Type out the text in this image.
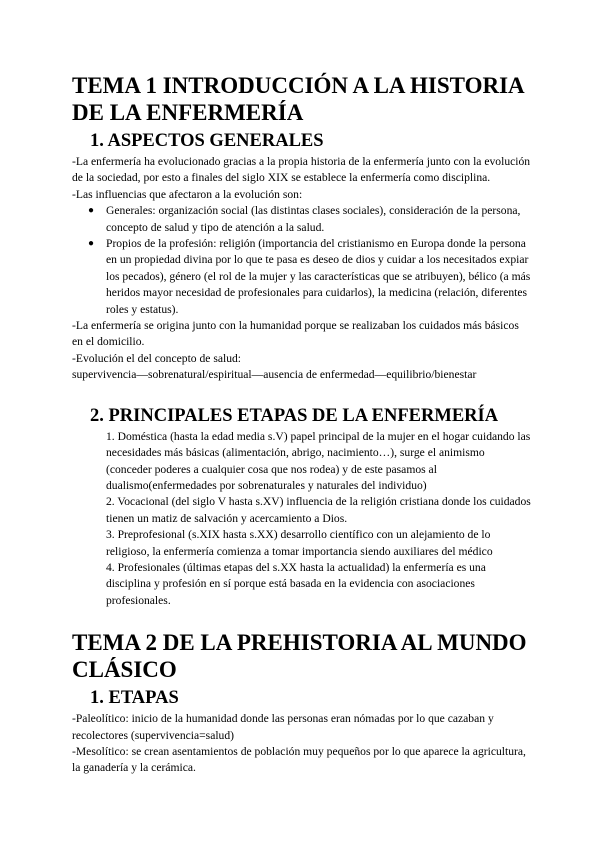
TEMA 1 INTRODUCCIÓN A LA HISTORIA DE LA ENFERMERÍA
1. ASPECTOS GENERALES

-La enfermería ha evolucionado gracias a la propia historia de la enfermería junto con la evolución de la sociedad, por esto a finales del siglo XIX se establece la enfermería como disciplina.

-Las influencias que afectaron a la evolución son:

● Generales: organización social (las distintas clases sociales), consideración de la persona, concepto de salud y tipo de atención a la salud.
● Propios de la profesión: religión (importancia del cristianismo en Europa donde la persona en un propiedad divina por lo que te pasa es deseo de dios y cuidar a los necesitados expiar los pecados), género (el rol de la mujer y las características que se atribuyen), bélico (a más heridos mayor necesidad de profesionales para cuidarlos), la medicina (relación, diferentes roles y estatus).

-La enfermería se origina junto con la humanidad porque se realizaban los cuidados más básicos en el domicilio.

-Evolución el del concepto de salud:

supervivencia—sobrenatural/espiritual—ausencia de enfermedad—equilibrio/bienestar

2. PRINCIPALES ETAPAS DE LA ENFERMERÍA

1. Doméstica (hasta la edad media s.V) papel principal de la mujer en el hogar cuidando las necesidades más básicas (alimentación, abrigo, nacimiento…), surge el animismo (conceder poderes a cualquier cosa que nos rodea) y de este pasamos al dualismo(enfermedades por sobrenaturales y naturales del individuo)

2. Vocacional (del siglo V hasta s.XV) influencia de la religión cristiana donde los cuidados tienen un matiz de salvación y acercamiento a Dios.

3. Preprofesional (s.XIX hasta s.XX) desarrollo científico con un alejamiento de lo religioso, la enfermería comienza a tomar importancia siendo auxiliares del médico

4. Profesionales (últimas etapas del s.XX hasta la actualidad) la enfermería es una disciplina y profesión en sí porque está basada en la evidencia con asociaciones profesionales.

TEMA 2 DE LA PREHISTORIA AL MUNDO CLÁSICO
1. ETAPAS

-Paleolítico: inicio de la humanidad donde las personas eran nómadas por lo que cazaban y recolectores (supervivencia=salud)

-Mesolítico: se crean asentamientos de población muy pequeños por lo que aparece la agricultura, la ganadería y la cerámica.
